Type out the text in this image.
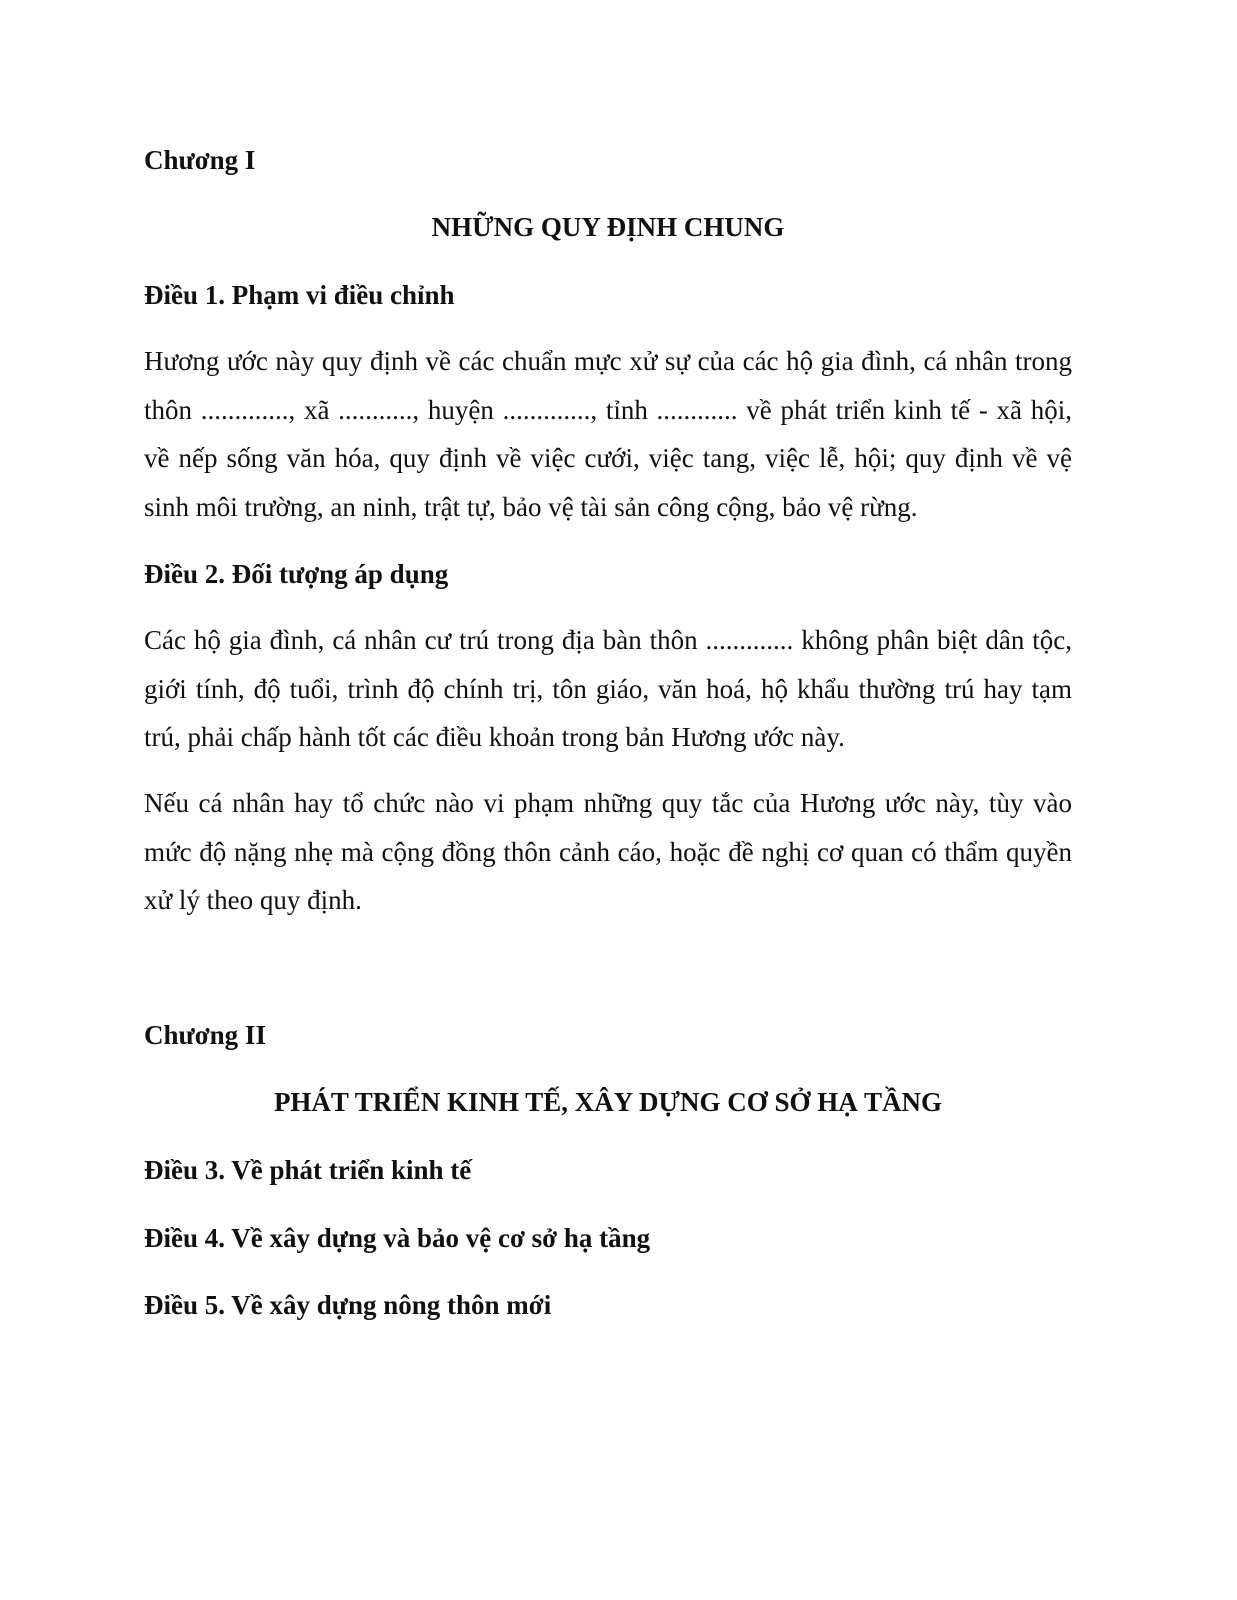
Chương I
NHỮNG QUY ĐỊNH CHUNG
Điều 1. Phạm vi điều chỉnh

Hương ước này quy định về các chuẩn mực xử sự của các hộ gia đình, cá nhân trong thôn ............., xã ..........., huyện ............., tỉnh ............ về phát triển kinh tế - xã hội, về nếp sống văn hóa, quy định về việc cưới, việc tang, việc lễ, hội; quy định về vệ sinh môi trường, an ninh, trật tự, bảo vệ tài sản công cộng, bảo vệ rừng.

Điều 2. Đối tượng áp dụng

Các hộ gia đình, cá nhân cư trú trong địa bàn thôn ............. không phân biệt dân tộc, giới tính, độ tuổi, trình độ chính trị, tôn giáo, văn hoá, hộ khẩu thường trú hay tạm trú, phải chấp hành tốt các điều khoản trong bản Hương ước này.

Nếu cá nhân hay tổ chức nào vi phạm những quy tắc của Hương ước này, tùy vào mức độ nặng nhẹ mà cộng đồng thôn cảnh cáo, hoặc đề nghị cơ quan có thẩm quyền xử lý theo quy định.

Chương II
PHÁT TRIỂN KINH TẾ, XÂY DỰNG CƠ SỞ HẠ TẦNG
Điều 3. Về phát triển kinh tế
Điều 4. Về xây dựng và bảo vệ cơ sở hạ tầng
Điều 5. Về xây dựng nông thôn mới
